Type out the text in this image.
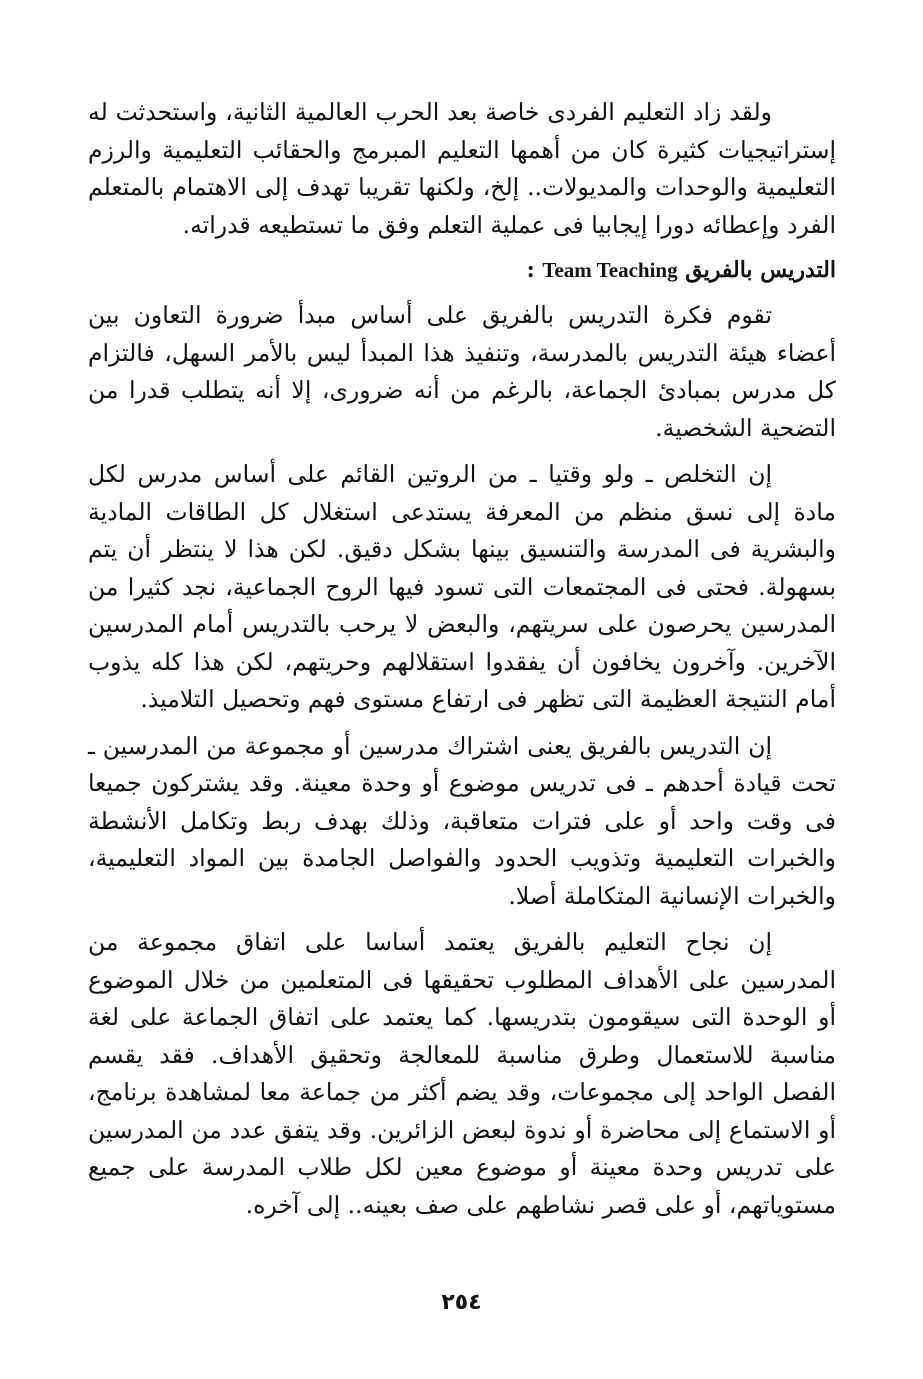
ولقد زاد التعليم الفردى خاصة بعد الحرب العالمية الثانية، واستحدثت له إستراتيجيات كثيرة كان من أهمها التعليم المبرمج والحقائب التعليمية والرزم التعليمية والوحدات والمديولات.. إلخ، ولكنها تقريبا تهدف إلى الاهتمام بالمتعلم الفرد وإعطائه دورا إيجابيا فى عملية التعلم وفق ما تستطيعه قدراته.

التدريس بالفريق Team Teaching :

تقوم فكرة التدريس بالفريق على أساس مبدأ ضرورة التعاون بين أعضاء هيئة التدريس بالمدرسة، وتنفيذ هذا المبدأ ليس بالأمر السهل، فالتزام كل مدرس بمبادئ الجماعة، بالرغم من أنه ضرورى، إلا أنه يتطلب قدرا من التضحية الشخصية.

إن التخلص ـ ولو وقتيا ـ من الروتين القائم على أساس مدرس لكل مادة إلى نسق منظم من المعرفة يستدعى استغلال كل الطاقات المادية والبشرية فى المدرسة والتنسيق بينها بشكل دقيق. لكن هذا لا ينتظر أن يتم بسهولة. فحتى فى المجتمعات التى تسود فيها الروح الجماعية، نجد كثيرا من المدرسين يحرصون على سريتهم، والبعض لا يرحب بالتدريس أمام المدرسين الآخرين. وآخرون يخافون أن يفقدوا استقلالهم وحريتهم، لكن هذا كله يذوب أمام النتيجة العظيمة التى تظهر فى ارتفاع مستوى فهم وتحصيل التلاميذ.

إن التدريس بالفريق يعنى اشتراك مدرسين أو مجموعة من المدرسين ـ تحت قيادة أحدهم ـ فى تدريس موضوع أو وحدة معينة. وقد يشتركون جميعا فى وقت واحد أو على فترات متعاقبة، وذلك بهدف ربط وتكامل الأنشطة والخبرات التعليمية وتذويب الحدود والفواصل الجامدة بين المواد التعليمية، والخبرات الإنسانية المتكاملة أصلا.

إن نجاح التعليم بالفريق يعتمد أساسا على اتفاق مجموعة من المدرسين على الأهداف المطلوب تحقيقها فى المتعلمين من خلال الموضوع أو الوحدة التى سيقومون بتدريسها. كما يعتمد على اتفاق الجماعة على لغة مناسبة للاستعمال وطرق مناسبة للمعالجة وتحقيق الأهداف. فقد يقسم الفصل الواحد إلى مجموعات، وقد يضم أكثر من جماعة معا لمشاهدة برنامج، أو الاستماع إلى محاضرة أو ندوة لبعض الزائرين. وقد يتفق عدد من المدرسين على تدريس وحدة معينة أو موضوع معين لكل طلاب المدرسة على جميع مستوياتهم، أو على قصر نشاطهم على صف بعينه.. إلى آخره.

٢٥٤
